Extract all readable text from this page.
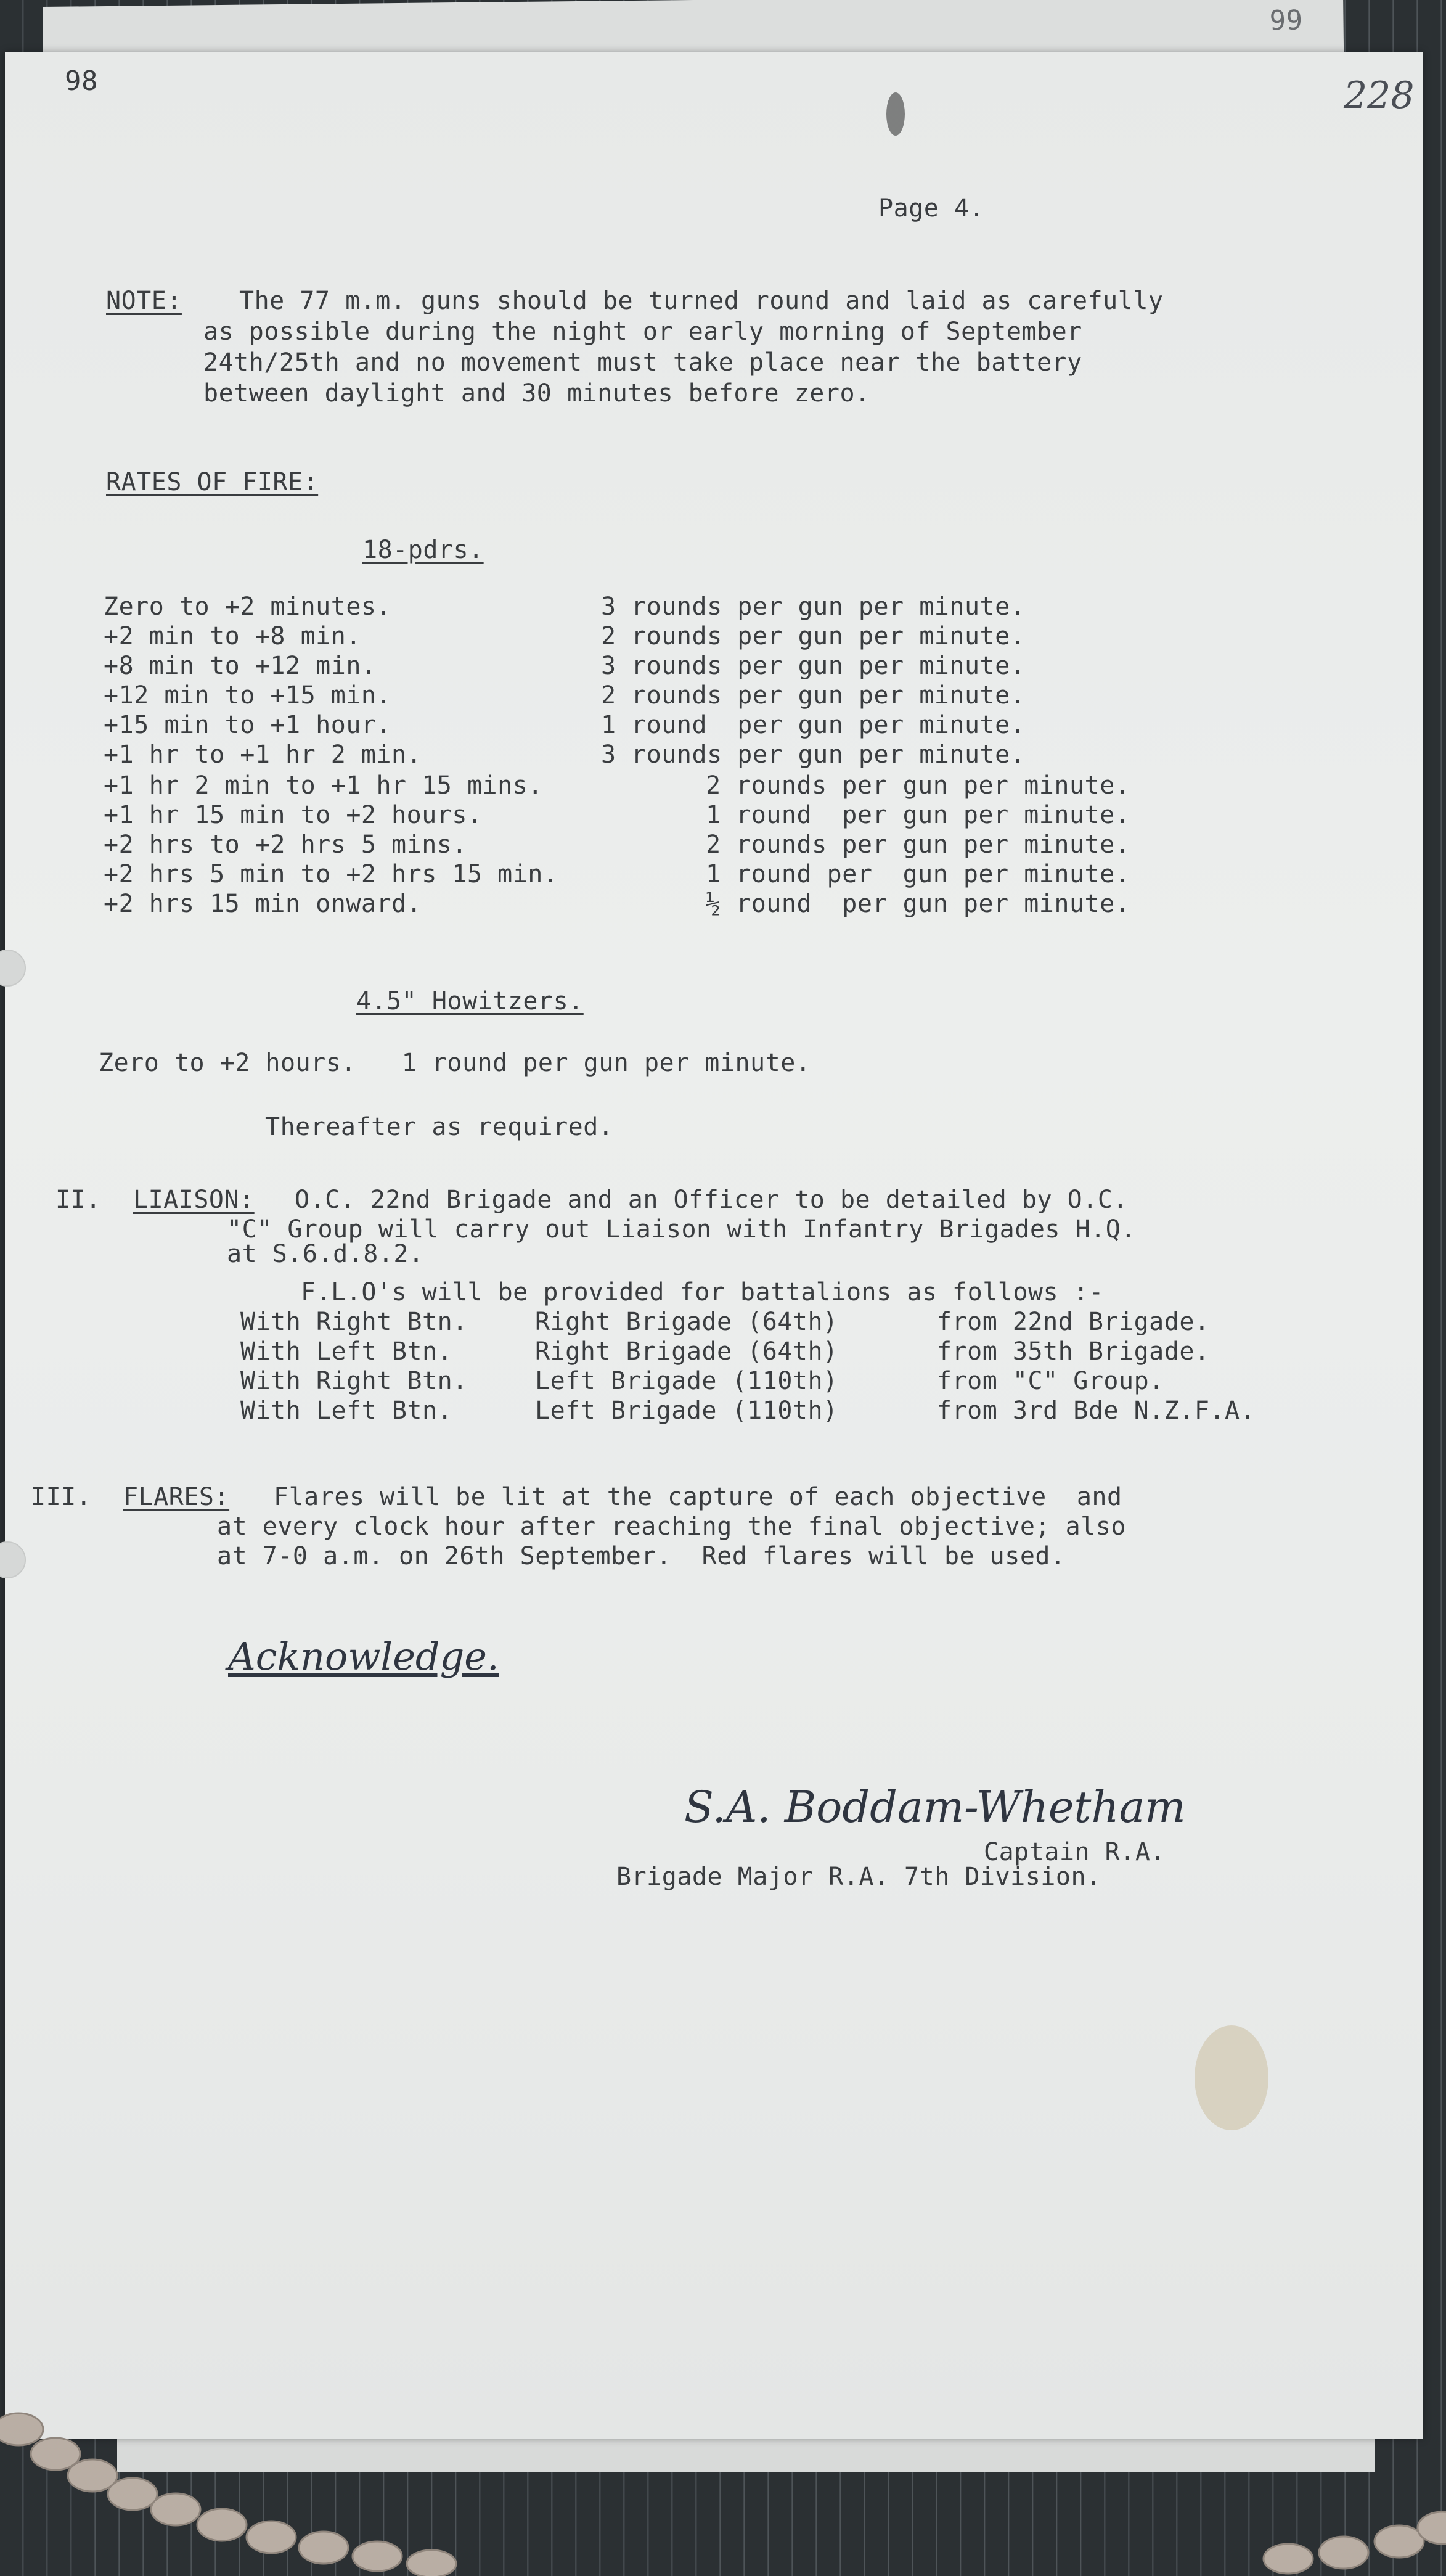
99

98	228

Page 4.

NOTE: The 77 m.m. guns should be turned round and laid as carefully

as possible during the night or early morning of September

24th/25th and no movement must take place near the battery

between daylight and 30 minutes before zero.

RATES OF FIRE:

18-pdrs.

Zero to +2 minutes.	3 rounds per gun per minute.

+2 min to +8 min.	2 rounds per gun per minute.

+8 min to +12 min.	3 rounds per gun per minute.

+12 min to +15 min.	2 rounds per gun per minute.

+15 min to +1 hour.	1 round  per gun per minute.

+1 hr to +1 hr 2 min.	3 rounds per gun per minute.

+1 hr 2 min to +1 hr 15 mins.	2 rounds per gun per minute.

+1 hr 15 min to +2 hours.	1 round  per gun per minute.

+2 hrs to +2 hrs 5 mins.	2 rounds per gun per minute.

+2 hrs 5 min to +2 hrs 15 min.	1 round per  gun per minute.

+2 hrs 15 min onward.	½ round  per gun per minute.

4.5" Howitzers.

Zero to +2 hours.   1 round per gun per minute.

Thereafter as required.

II. LIAISON: O.C. 22nd Brigade and an Officer to be detailed by O.C.

"C" Group will carry out Liaison with Infantry Brigades H.Q.

at S.6.d.8.2.

F.L.O's will be provided for battalions as follows :-

With Right Btn.	Right Brigade (64th)	from 22nd Brigade.

With Left Btn.	Right Brigade (64th)	from 35th Brigade.

With Right Btn.	Left Brigade (110th)	from "C" Group.

With Left Btn.	Left Brigade (110th)	from 3rd Bde N.Z.F.A.

III. FLARES: Flares will be lit at the capture of each objective  and

at every clock hour after reaching the final objective; also

at 7-0 a.m. on 26th September.  Red flares will be used.

Acknowledge.

S.A. Boddam-Whetham

Captain R.A.

Brigade Major R.A. 7th Division.
